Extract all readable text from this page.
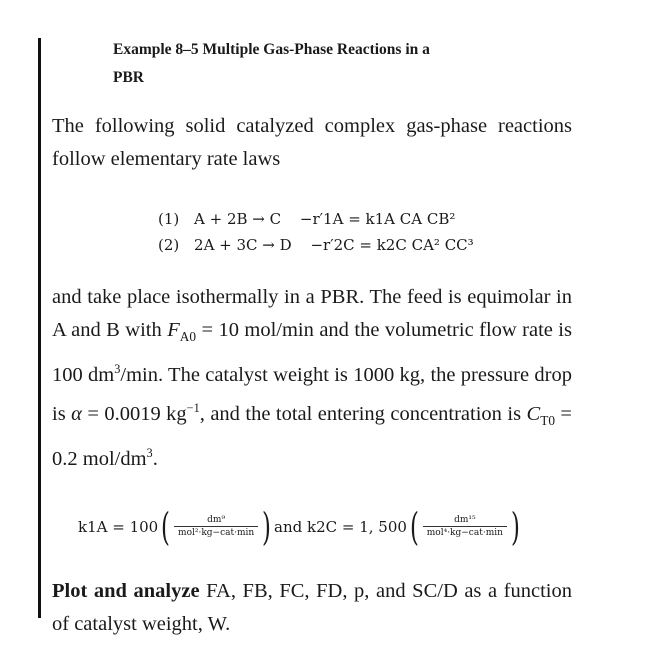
Example 8–5 Multiple Gas-Phase Reactions in a
PBR
The following solid catalyzed complex gas-phase reactions follow elementary rate laws
(1) A + 2B → C −r′1A = k1A CA CB²
(2) 2A + 3C → D −r′2C = k2C CA² CC³
and take place isothermally in a PBR. The feed is equimolar in A and B with $F_{A0} = 10$ mol/min and the volumetric flow rate is 100 $dm^3/\min$. The catalyst weight is 1000 kg, the pressure drop is α = 0.0019 $kg^{-1}$, and the total entering concentration is $C_{T0} = 0.2$ mol/$dm^3$.
k1A = 100 ( $\frac{\text{dm⁹}}{\text{mol²·kg−cat·min}}$ ) and k2C = 1, 500 ( $\frac{\text{dm¹⁵}}{\text{mol⁴·kg−cat·min}}$ )
Plot and analyze FA, FB, FC, FD, p, and SC/D as a function of catalyst weight, W.
